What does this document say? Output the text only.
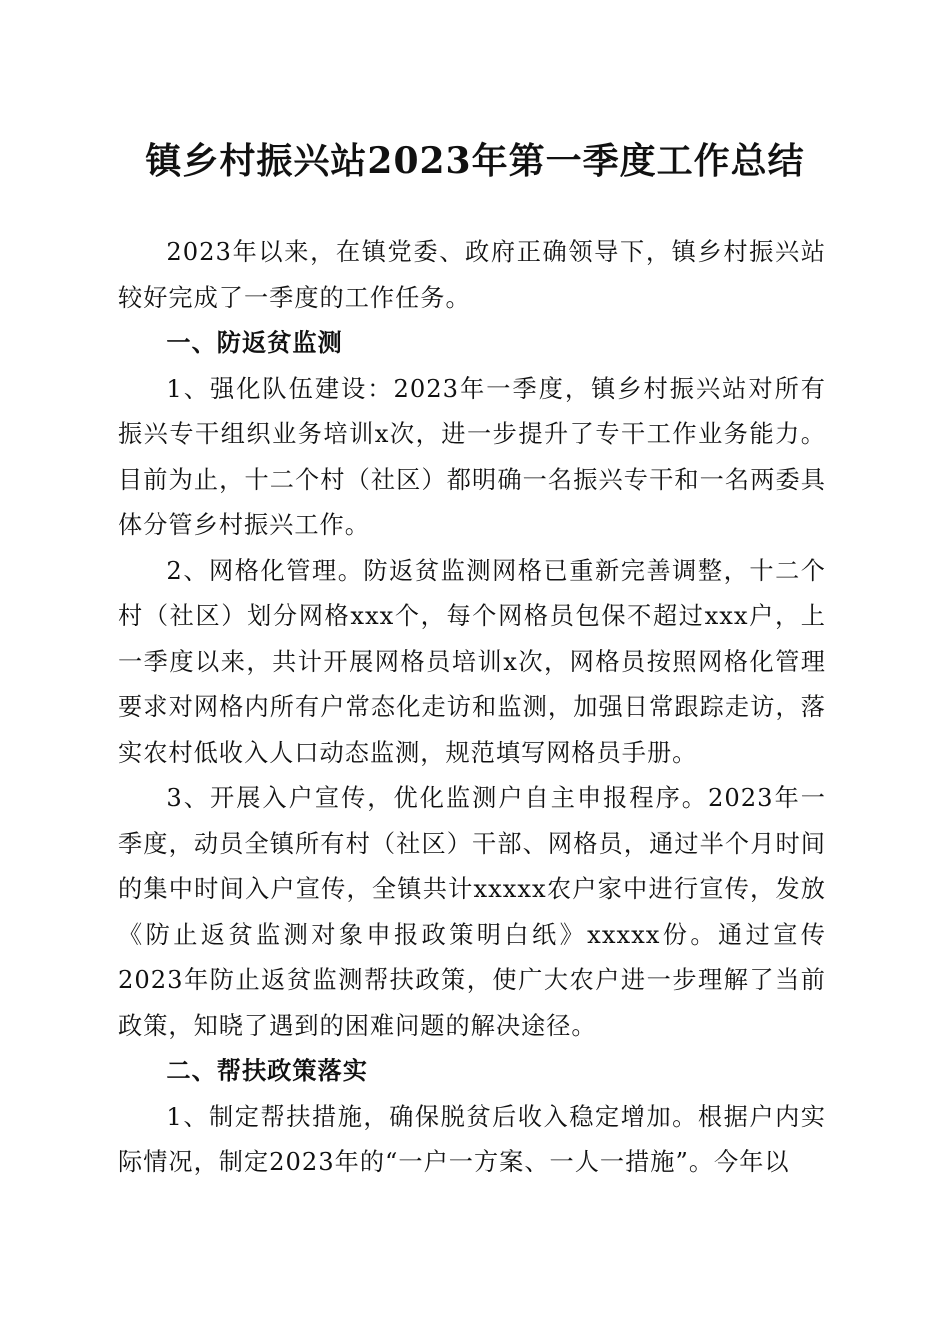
镇乡村振兴站2023年第一季度工作总结

2023年以来，在镇党委、政府正确领导下，镇乡村振兴站较好完成了一季度的工作任务。

一、防返贫监测

1、强化队伍建设：2023年一季度，镇乡村振兴站对所有振兴专干组织业务培训x次，进一步提升了专干工作业务能力。目前为止，十二个村（社区）都明确一名振兴专干和一名两委具体分管乡村振兴工作。

2、网格化管理。防返贫监测网格已重新完善调整，十二个村（社区）划分网格xxx个，每个网格员包保不超过xxx户，上一季度以来，共计开展网格员培训x次，网格员按照网格化管理要求对网格内所有户常态化走访和监测，加强日常跟踪走访，落实农村低收入人口动态监测，规范填写网格员手册。

3、开展入户宣传，优化监测户自主申报程序。2023年一季度，动员全镇所有村（社区）干部、网格员，通过半个月时间的集中时间入户宣传，全镇共计xxxxx农户家中进行宣传，发放《防止返贫监测对象申报政策明白纸》xxxxx份。通过宣传2023年防止返贫监测帮扶政策，使广大农户进一步理解了当前政策，知晓了遇到的困难问题的解决途径。

二、帮扶政策落实

1、制定帮扶措施，确保脱贫后收入稳定增加。根据户内实际情况，制定2023年的“一户一方案、一人一措施”。今年以
